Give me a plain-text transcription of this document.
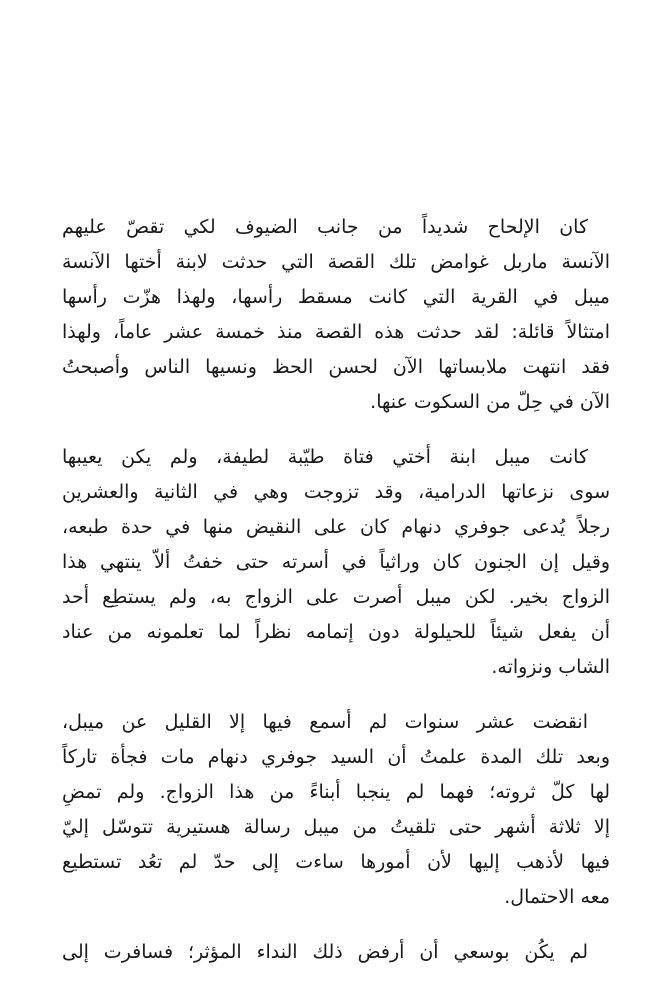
كان الإلحاح شديداً من جانب الضيوف لكي تقصّ عليهم
الآنسة ماربل غوامض تلك القصة التي حدثت لابنة أختها الآنسة
ميبل في القرية التي كانت مسقط رأسها، ولهذا هزّت رأسها
امتثالاً قائلة: لقد حدثت هذه القصة منذ خمسة عشر عاماً، ولهذا
فقد انتهت ملابساتها الآن لحسن الحظ ونسيها الناس وأصبحتُ
الآن في حِلّ من السكوت عنها.
كانت ميبل ابنة أختي فتاة طيّبة لطيفة، ولم يكن يعيبها
سوى نزعاتها الدرامية، وقد تزوجت وهي في الثانية والعشرين
رجلاً يُدعى جوفري دنهام كان على النقيض منها في حدة طبعه،
وقيل إن الجنون كان وراثياً في أسرته حتى خفتُ ألاّ ينتهي هذا
الزواج بخير. لكن ميبل أصرت على الزواج به، ولم يستطِع أحد
أن يفعل شيئاً للحيلولة دون إتمامه نظراً لما تعلمونه من عناد
الشاب ونزواته.
انقضت عشر سنوات لم أسمع فيها إلا القليل عن ميبل،
وبعد تلك المدة علمتُ أن السيد جوفري دنهام مات فجأة تاركاً
لها كلّ ثروته؛ فهما لم ينجبا أبناءً من هذا الزواج. ولم تمضِ
إلا ثلاثة أشهر حتى تلقيتُ من ميبل رسالة هستيرية تتوسّل إليّ
فيها لأذهب إليها لأن أمورها ساءت إلى حدّ لم تعُد تستطيع
معه الاحتمال.
لم يكُن بوسعي أن أرفض ذلك النداء المؤثر؛ فسافرت إلى
